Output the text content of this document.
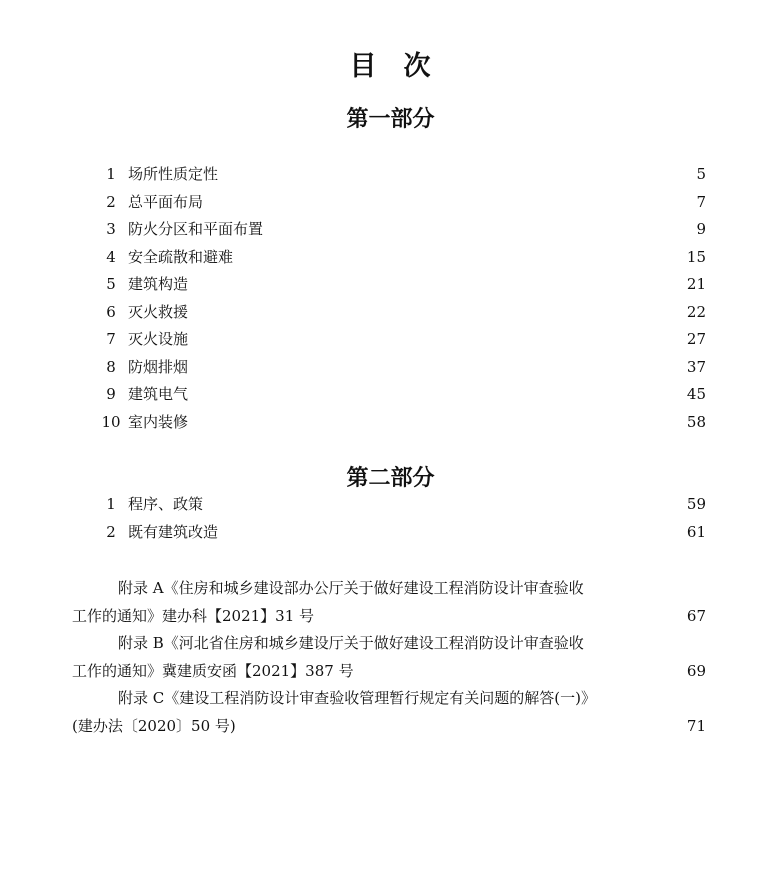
目 次
第一部分
1 场所性质定性	5
2 总平面布局	7
3 防火分区和平面布置	9
4 安全疏散和避难	15
5 建筑构造	21
6 灭火救援	22
7 灭火设施	27
8 防烟排烟	37
9 建筑电气	45
10 室内装修	58
第二部分
1 程序、政策	59
2 既有建筑改造	61
附录 A《住房和城乡建设部办公厅关于做好建设工程消防设计审查验收
工作的通知》建办科【2021】31 号	67
附录 B《河北省住房和城乡建设厅关于做好建设工程消防设计审查验收
工作的通知》冀建质安函【2021】387 号	69
附录 C《建设工程消防设计审查验收管理暂行规定有关问题的解答(一)》
(建办法〔2020〕50 号)	71
